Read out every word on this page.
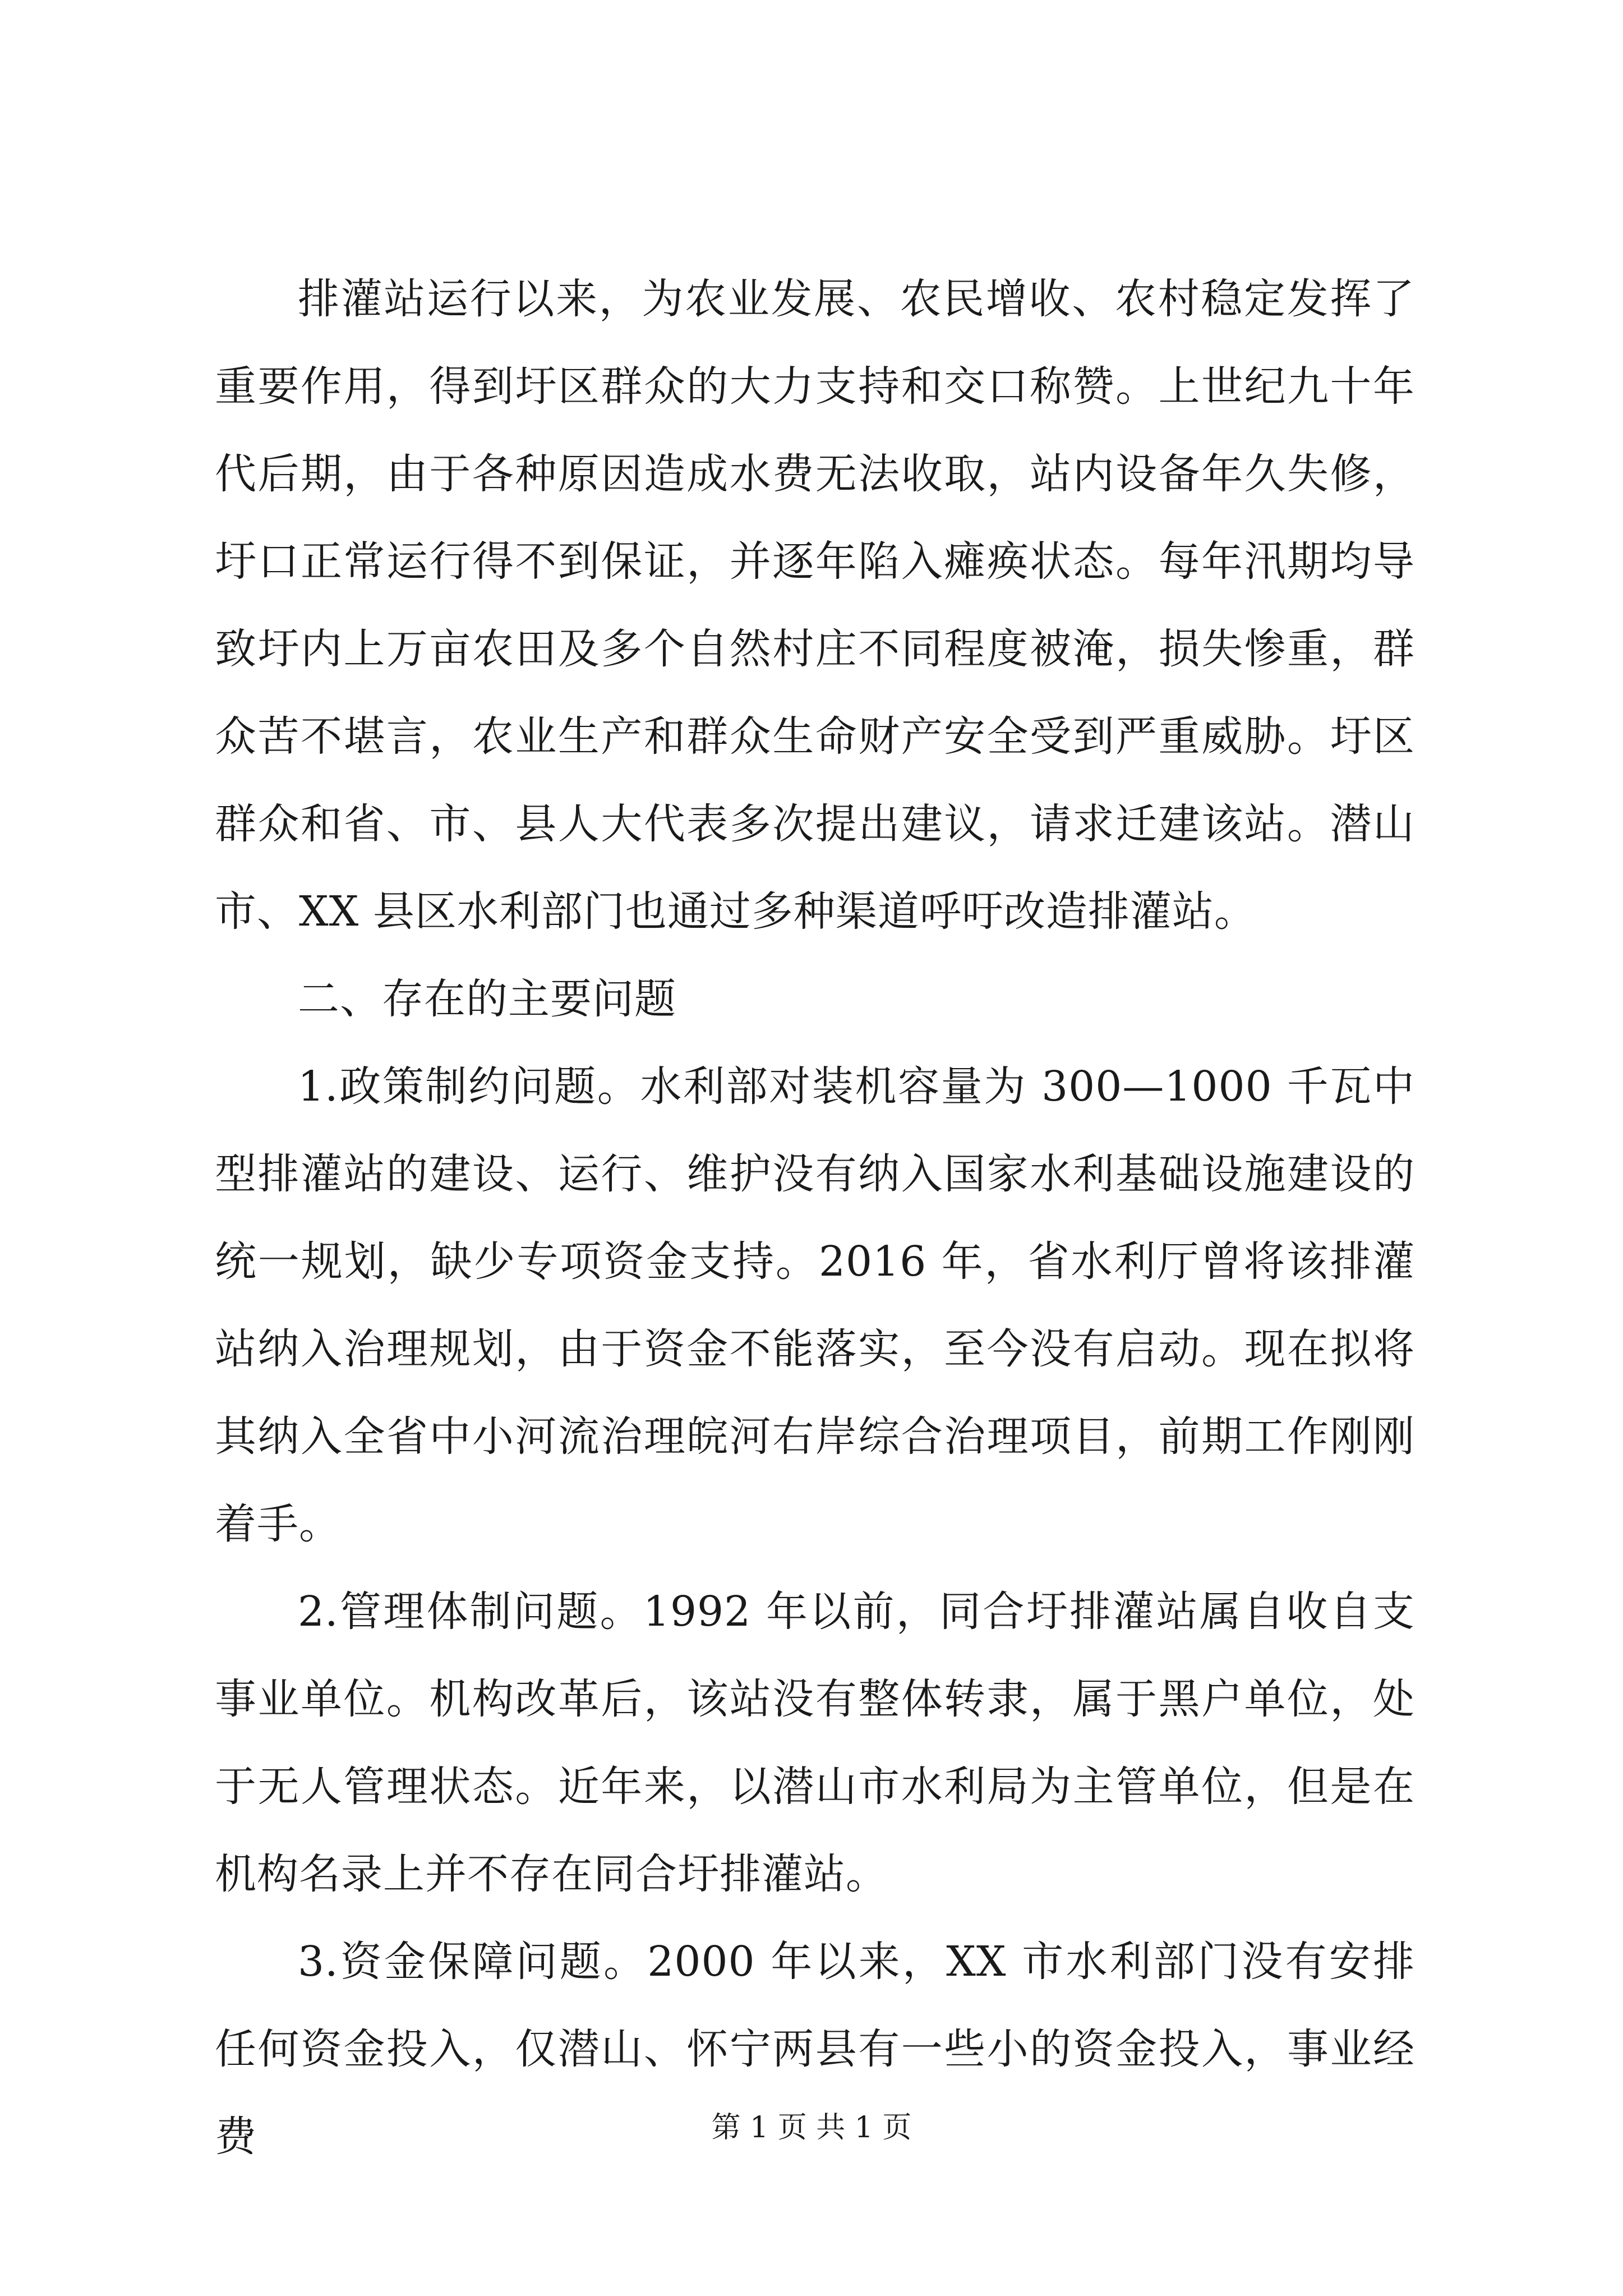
排灌站运行以来，为农业发展、农民增收、农村稳定发挥了重要作用，得到圩区群众的大力支持和交口称赞。上世纪九十年代后期，由于各种原因造成水费无法收取，站内设备年久失修，圩口正常运行得不到保证，并逐年陷入瘫痪状态。每年汛期均导致圩内上万亩农田及多个自然村庄不同程度被淹，损失惨重，群众苦不堪言，农业生产和群众生命财产安全受到严重威胁。圩区群众和省、市、县人大代表多次提出建议，请求迁建该站。潜山市、XX 县区水利部门也通过多种渠道呼吁改造排灌站。

二、存在的主要问题

1.政策制约问题。水利部对装机容量为 300—1000 千瓦中型排灌站的建设、运行、维护没有纳入国家水利基础设施建设的统一规划，缺少专项资金支持。2016 年，省水利厅曾将该排灌站纳入治理规划，由于资金不能落实，至今没有启动。现在拟将其纳入全省中小河流治理皖河右岸综合治理项目，前期工作刚刚着手。

2.管理体制问题。1992 年以前，同合圩排灌站属自收自支事业单位。机构改革后，该站没有整体转隶，属于黑户单位，处于无人管理状态。近年来，以潜山市水利局为主管单位，但是在机构名录上并不存在同合圩排灌站。

3.资金保障问题。2000 年以来，XX 市水利部门没有安排任何资金投入，仅潜山、怀宁两县有一些小的资金投入，事业经费	第 1 页 共 1 页
